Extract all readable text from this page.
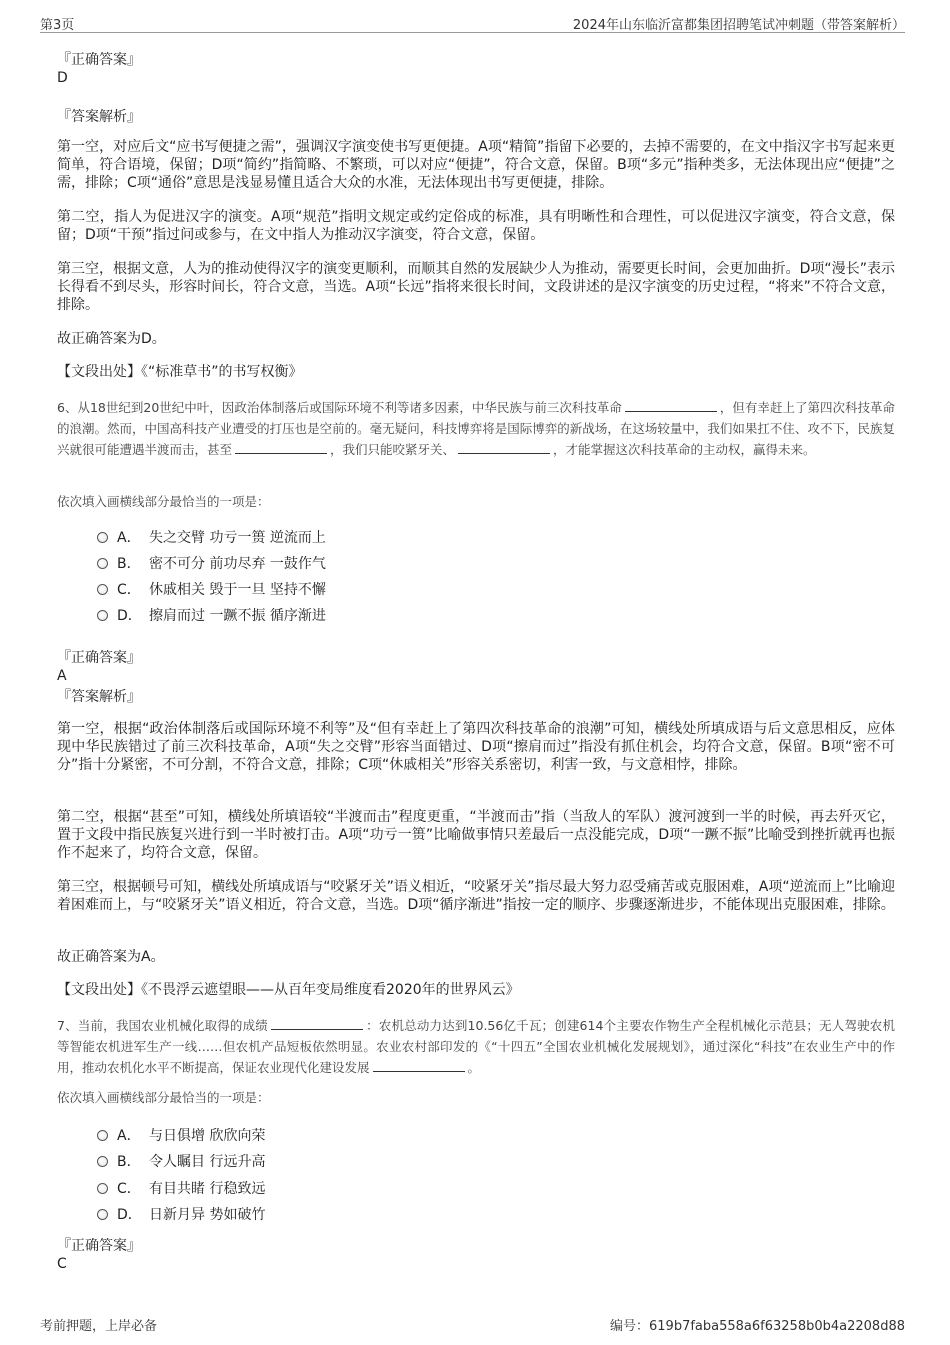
第3页	2024年山东临沂富都集团招聘笔试冲刺题（带答案解析）
『正确答案』
D
『答案解析』

第一空，对应后文“应书写便捷之需”，强调汉字演变使书写更便捷。A项“精简”指留下必要的，去掉不需要的，在文中指汉字书写起来更简单，符合语境，保留；D项“简约”指简略、不繁琐，可以对应“便捷”，符合文意，保留。B项“多元”指种类多，无法体现出应“便捷”之需，排除；C项“通俗”意思是浅显易懂且适合大众的水准，无法体现出书写更便捷，排除。

第二空，指人为促进汉字的演变。A项“规范”指明文规定或约定俗成的标准，具有明晰性和合理性，可以促进汉字演变，符合文意，保留；D项“干预”指过问或参与，在文中指人为推动汉字演变，符合文意，保留。

第三空，根据文意，人为的推动使得汉字的演变更顺利，而顺其自然的发展缺少人为推动，需要更长时间，会更加曲折。D项“漫长”表示长得看不到尽头，形容时间长，符合文意，当选。A项“长远”指将来很长时间，文段讲述的是汉字演变的历史过程，“将来”不符合文意，排除。

故正确答案为D。

【文段出处】《“标准草书”的书写权衡》

6、从18世纪到20世纪中叶，因政治体制落后或国际环境不利等诸多因素，中华民族与前三次科技革命	，但有幸赶上了第四次科技革命的浪潮。然而，中国高科技产业遭受的打压也是空前的。毫无疑问，科技博弈将是国际博弈的新战场，在这场较量中，我们如果扛不住、攻不下，民族复兴就很可能遭遇半渡而击，甚至	，我们只能咬紧牙关、	，才能掌握这次科技革命的主动权，赢得未来。

依次填入画横线部分最恰当的一项是：

A． 失之交臂 功亏一篑 逆流而上
B． 密不可分 前功尽弃 一鼓作气
C． 休戚相关 毁于一旦 坚持不懈
D． 擦肩而过 一蹶不振 循序渐进
『正确答案』
A
『答案解析』

第一空，根据“政治体制落后或国际环境不利等”及“但有幸赶上了第四次科技革命的浪潮”可知，横线处所填成语与后文意思相反，应体现中华民族错过了前三次科技革命，A项“失之交臂”形容当面错过、D项“擦肩而过”指没有抓住机会，均符合文意，保留。B项“密不可分”指十分紧密，不可分割，不符合文意，排除；C项“休戚相关”形容关系密切，利害一致，与文意相悖，排除。

第二空，根据“甚至”可知，横线处所填语较“半渡而击”程度更重，“半渡而击”指（当敌人的军队）渡河渡到一半的时候，再去歼灭它，置于文段中指民族复兴进行到一半时被打击。A项“功亏一篑”比喻做事情只差最后一点没能完成，D项“一蹶不振”比喻受到挫折就再也振作不起来了，均符合文意，保留。

第三空，根据顿号可知，横线处所填成语与“咬紧牙关”语义相近，“咬紧牙关”指尽最大努力忍受痛苦或克服困难，A项“逆流而上”比喻迎着困难而上，与“咬紧牙关”语义相近，符合文意，当选。D项“循序渐进”指按一定的顺序、步骤逐渐进步，不能体现出克服困难，排除。

故正确答案为A。

【文段出处】《不畏浮云遮望眼——从百年变局维度看2020年的世界风云》

7、当前，我国农业机械化取得的成绩	：农机总动力达到10.56亿千瓦；创建614个主要农作物生产全程机械化示范县；无人驾驶农机等智能农机进军生产一线……但农机产品短板依然明显。农业农村部印发的《“十四五”全国农业机械化发展规划》，通过深化“科技”在农业生产中的作用，推动农机化水平不断提高，保证农业现代化建设发展	。

依次填入画横线部分最恰当的一项是：

A． 与日俱增 欣欣向荣
B． 令人瞩目 行远升高
C． 有目共睹 行稳致远
D． 日新月异 势如破竹
『正确答案』
C
考前押题，上岸必备	编号：619b7faba558a6f63258b0b4a2208d88
